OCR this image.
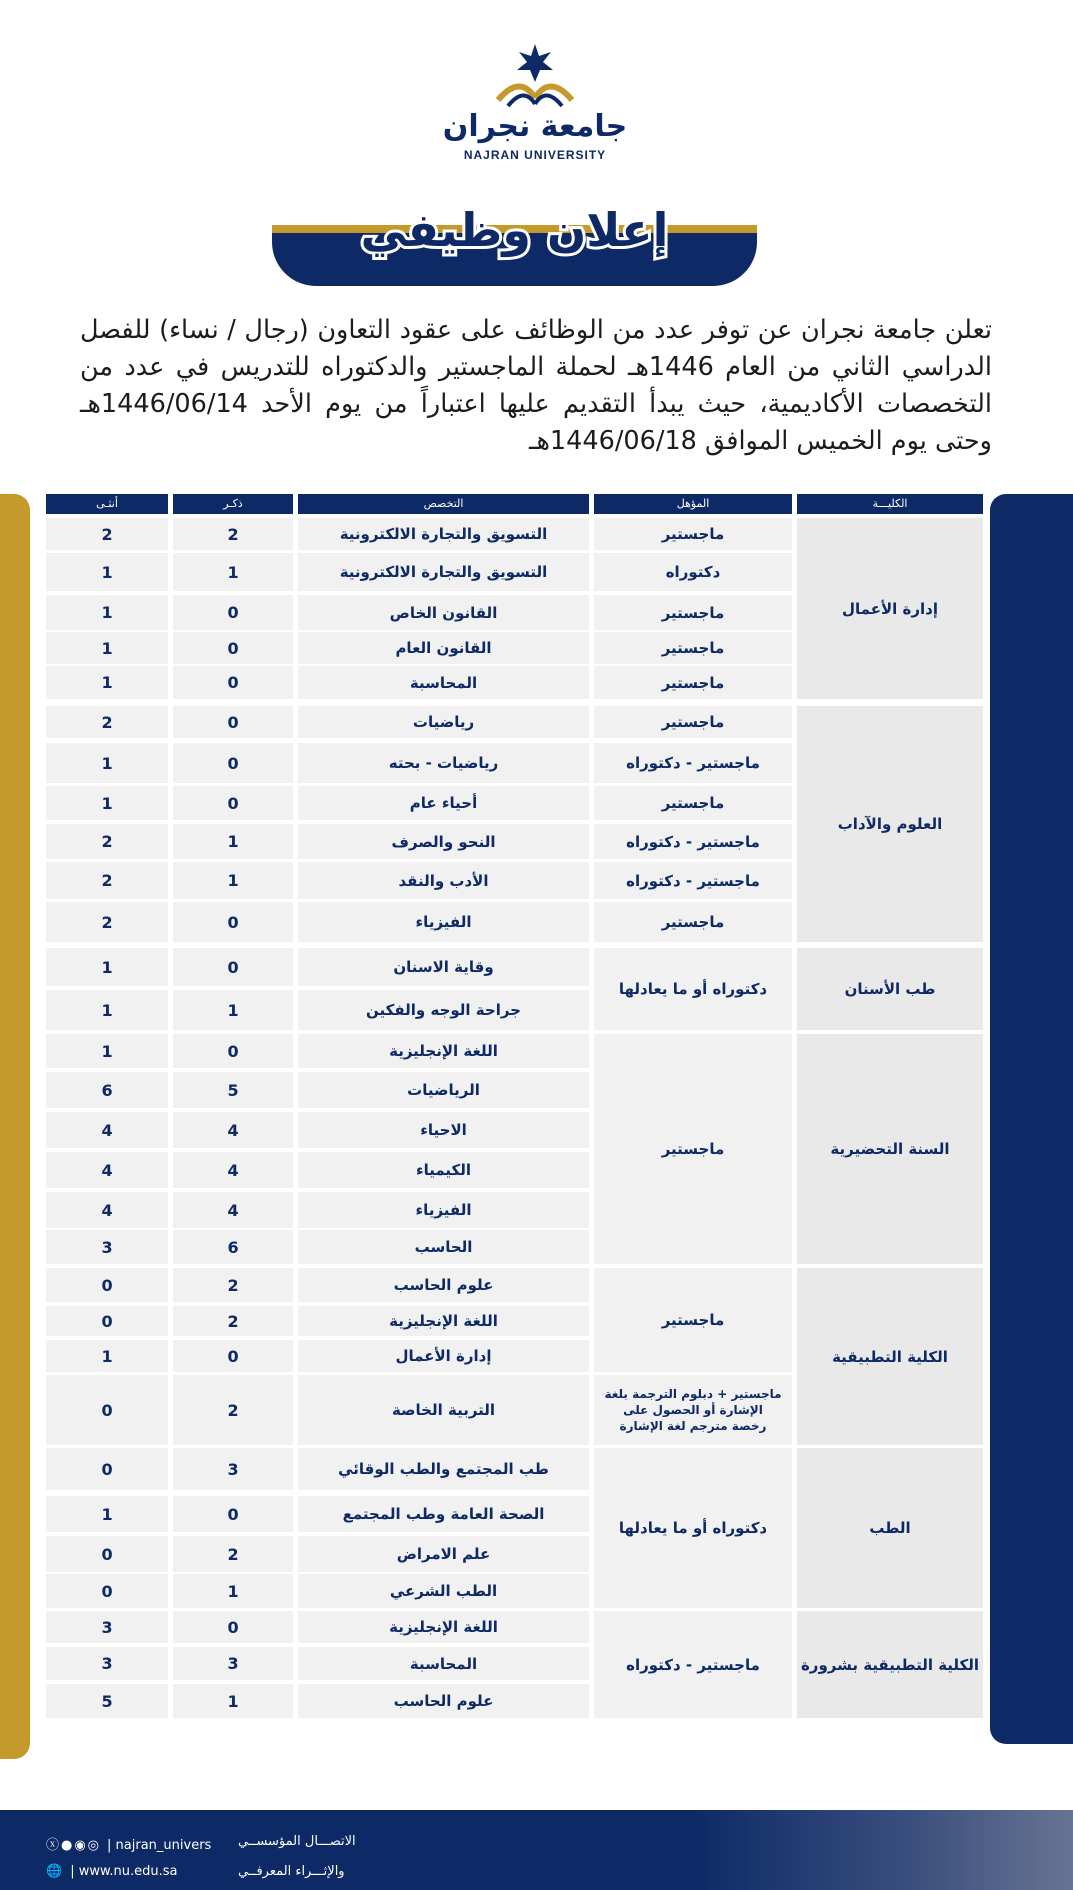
جامعة نجران
NAJRAN UNIVERSITY
إعلان وظيفي

تعلن جامعة نجران عن توفر عدد من الوظائف على عقود التعاون (رجال / نساء) للفصل الدراسي الثاني من العام 1446هـ لحملة الماجستير والدكتوراه للتدريس في عدد من التخصصات الأكاديمية، حيث يبدأ التقديم عليها اعتباراً من يوم الأحد 1446/06/14هـ وحتى يوم الخميس الموافق 1446/06/18هـ

الكليـــة
المؤهل
التخصص
ذكـر
أنثـى
التسويق والتجارة الالكترونية
2
2
التسويق والتجارة الالكترونية
1
1
القانون الخاص
0
1
القانون العام
0
1
المحاسبة
0
1
رياضيات
0
2
رياضيات - بحته
0
1
أحياء عام
0
1
النحو والصرف
1
2
الأدب والنقد
1
2
الفيزياء
0
2
وقاية الاسنان
0
1
جراحة الوجه والفكين
1
1
اللغة الإنجليزية
0
1
الرياضيات
5
6
الاحياء
4
4
الكيمياء
4
4
الفيزياء
4
4
الحاسب
6
3
علوم الحاسب
2
0
اللغة الإنجليزية
2
0
إدارة الأعمال
0
1
التربية الخاصة
2
0
طب المجتمع والطب الوقائي
3
0
الصحة العامة وطب المجتمع
0
1
علم الامراض
2
0
الطب الشرعي
1
0
اللغة الإنجليزية
0
3
المحاسبة
3
3
علوم الحاسب
1
5
ماجستير
دكتوراه
ماجستير
ماجستير
ماجستير
ماجستير
ماجستير - دكتوراه
ماجستير
ماجستير - دكتوراه
ماجستير - دكتوراه
ماجستير
دكتوراه أو ما يعادلها
ماجستير
ماجستير
ماجستير + دبلوم الترجمة بلغة الإشارة أو الحصول على رخصة مترجم لغة الإشارة
دكتوراه أو ما يعادلها
ماجستير - دكتوراه
إدارة الأعمال
العلوم والآداب
طب الأسنان
السنة التحضيرية
الكلية التطبيقية
الطب
الكلية التطبيقية بشرورة
ⓧ●◉◎ | najran_univers
🌐 | www.nu.edu.sa
الاتصـــال المؤسســي
والإثـــراء المعرفــي
